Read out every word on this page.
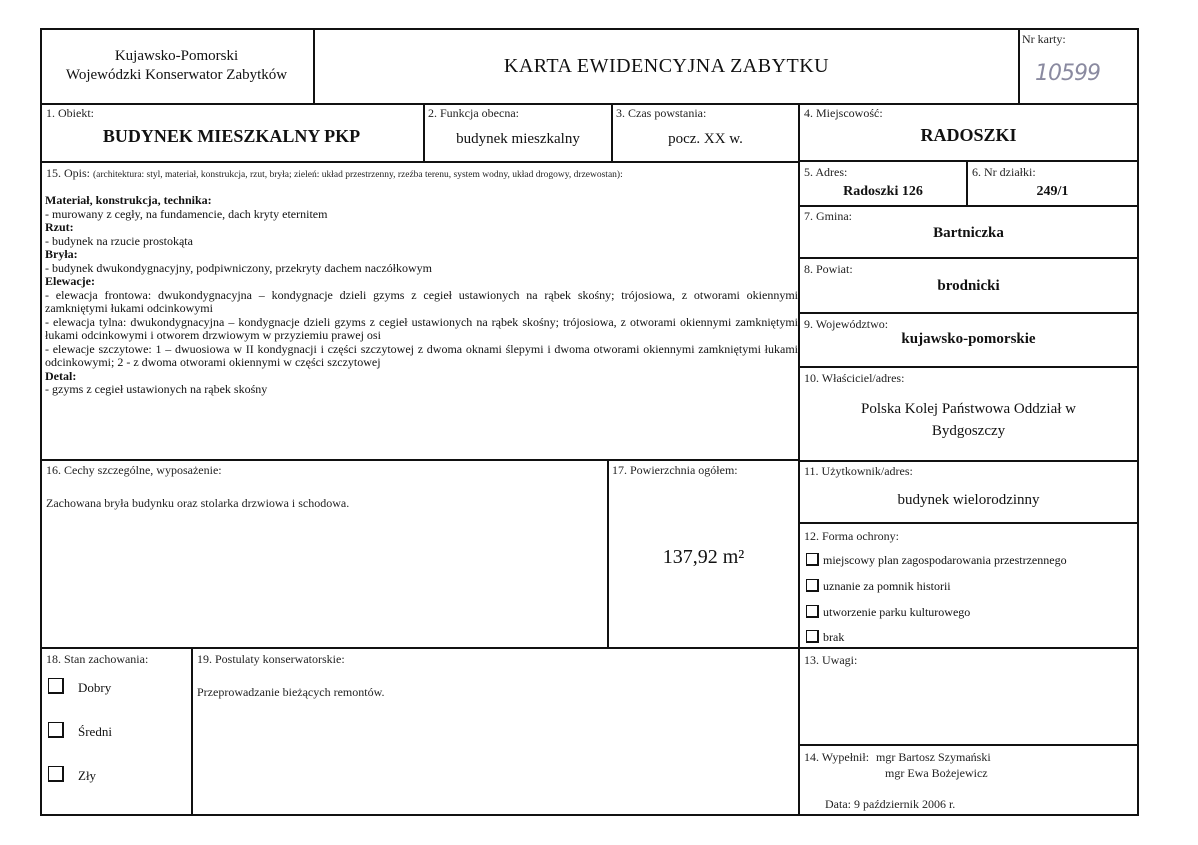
Kujawsko-Pomorski
Wojewódzki Konserwator Zabytków	KARTA EWIDENCYJNA ZABYTKU
Nr karty:
10599
1. Obiekt:
BUDYNEK MIESZKALNY PKP
2. Funkcja obecna:
budynek mieszkalny
3. Czas powstania:
pocz. XX w.
4. Miejscowość:
RADOSZKI
15. Opis: (architektura: styl, materiał, konstrukcja, rzut, bryła; zieleń: układ przestrzenny, rzeźba terenu, system wodny, układ drogowy, drzewostan):
Materiał, konstrukcja, technika:
- murowany z cegły, na fundamencie, dach kryty eternitem
Rzut:
- budynek na rzucie prostokąta
Bryła:
- budynek dwukondygnacyjny, podpiwniczony, przekryty dachem naczółkowym
Elewacje:
- elewacja frontowa: dwukondygnacyjna – kondygnacje dzieli gzyms z cegieł ustawionych na rąbek skośny; trójosiowa, z otworami okiennymi zamkniętymi łukami odcinkowymi
- elewacja tylna: dwukondygnacyjna – kondygnacje dzieli gzyms z cegieł ustawionych na rąbek skośny; trójosiowa, z otworami okiennymi zamkniętymi łukami odcinkowymi i otworem drzwiowym w przyziemiu prawej osi
- elewacje szczytowe: 1 – dwuosiowa w II kondygnacji i części szczytowej z dwoma oknami ślepymi i dwoma otworami okiennymi zamkniętymi łukami odcinkowymi; 2 - z dwoma otworami okiennymi w części szczytowej
Detal:
- gzyms z cegieł ustawionych na rąbek skośny
5. Adres:
Radoszki 126
6. Nr działki:
249/1
7. Gmina:
Bartniczka
8. Powiat:
brodnicki
9. Województwo:
kujawsko-pomorskie
10. Właściciel/adres:
Polska Kolej Państwowa Oddział w
Bydgoszczy
11. Użytkownik/adres:
budynek wielorodzinny
12. Forma ochrony:
miejscowy plan zagospodarowania przestrzennego
uznanie za pomnik historii
utworzenie parku kulturowego
brak
13. Uwagi:
14. Wypełnił: mgr Bartosz Szymański
mgr Ewa Bożejewicz
Data: 9 październik 2006 r.
16. Cechy szczególne, wyposażenie:
Zachowana bryła budynku oraz stolarka drzwiowa i schodowa.
17. Powierzchnia ogółem:
137,92 m²
18. Stan zachowania:
Dobry
Średni
Zły
19. Postulaty konserwatorskie:
Przeprowadzanie bieżących remontów.
